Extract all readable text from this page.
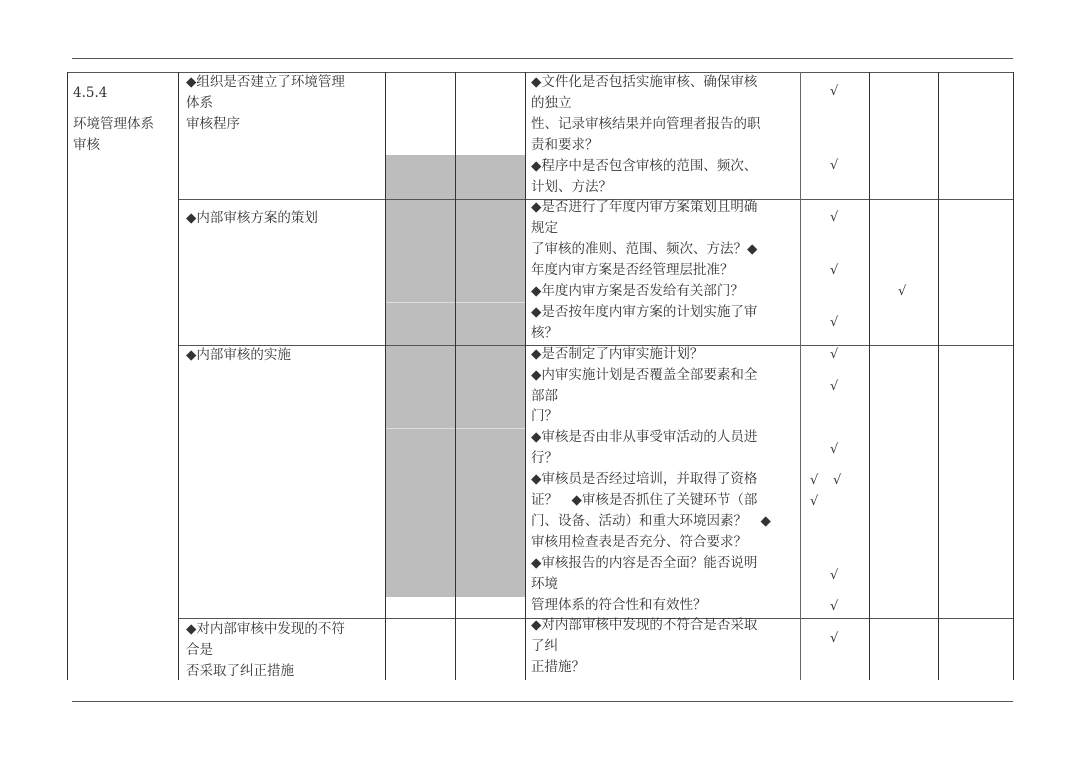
4.5.4
环境管理体系
审核
◆组织是否建立了环境管理
体系
审核程序
◆内部审核方案的策划
◆内部审核的实施
◆对内部审核中发现的不符
合是
否采取了纠正措施
◆文件化是否包括实施审核、确保审核
的独立
性、记录审核结果并向管理者报告的职
责和要求？
◆程序中是否包含审核的范围、频次、
计划、方法？
◆是否进行了年度内审方案策划且明确
规定
了审核的准则、范围、频次、方法？◆
年度内审方案是否经管理层批准？
◆年度内审方案是否发给有关部门？
◆是否按年度内审方案的计划实施了审
核？
◆是否制定了内审实施计划？
◆内审实施计划是否覆盖全部要素和全
部部
门？
◆审核是否由非从事受审活动的人员进
行？
◆审核员是否经过培训，并取得了资格
证？　◆审核是否抓住了关键环节（部
门、设备、活动）和重大环境因素？　◆
审核用检查表是否充分、符合要求？
◆审核报告的内容是否全面？能否说明
环境
管理体系的符合性和有效性？
◆对内部审核中发现的不符合是否采取
了纠
正措施？
√
√
√
√
√
√
√
√
√
√ √
√
√
√
√
